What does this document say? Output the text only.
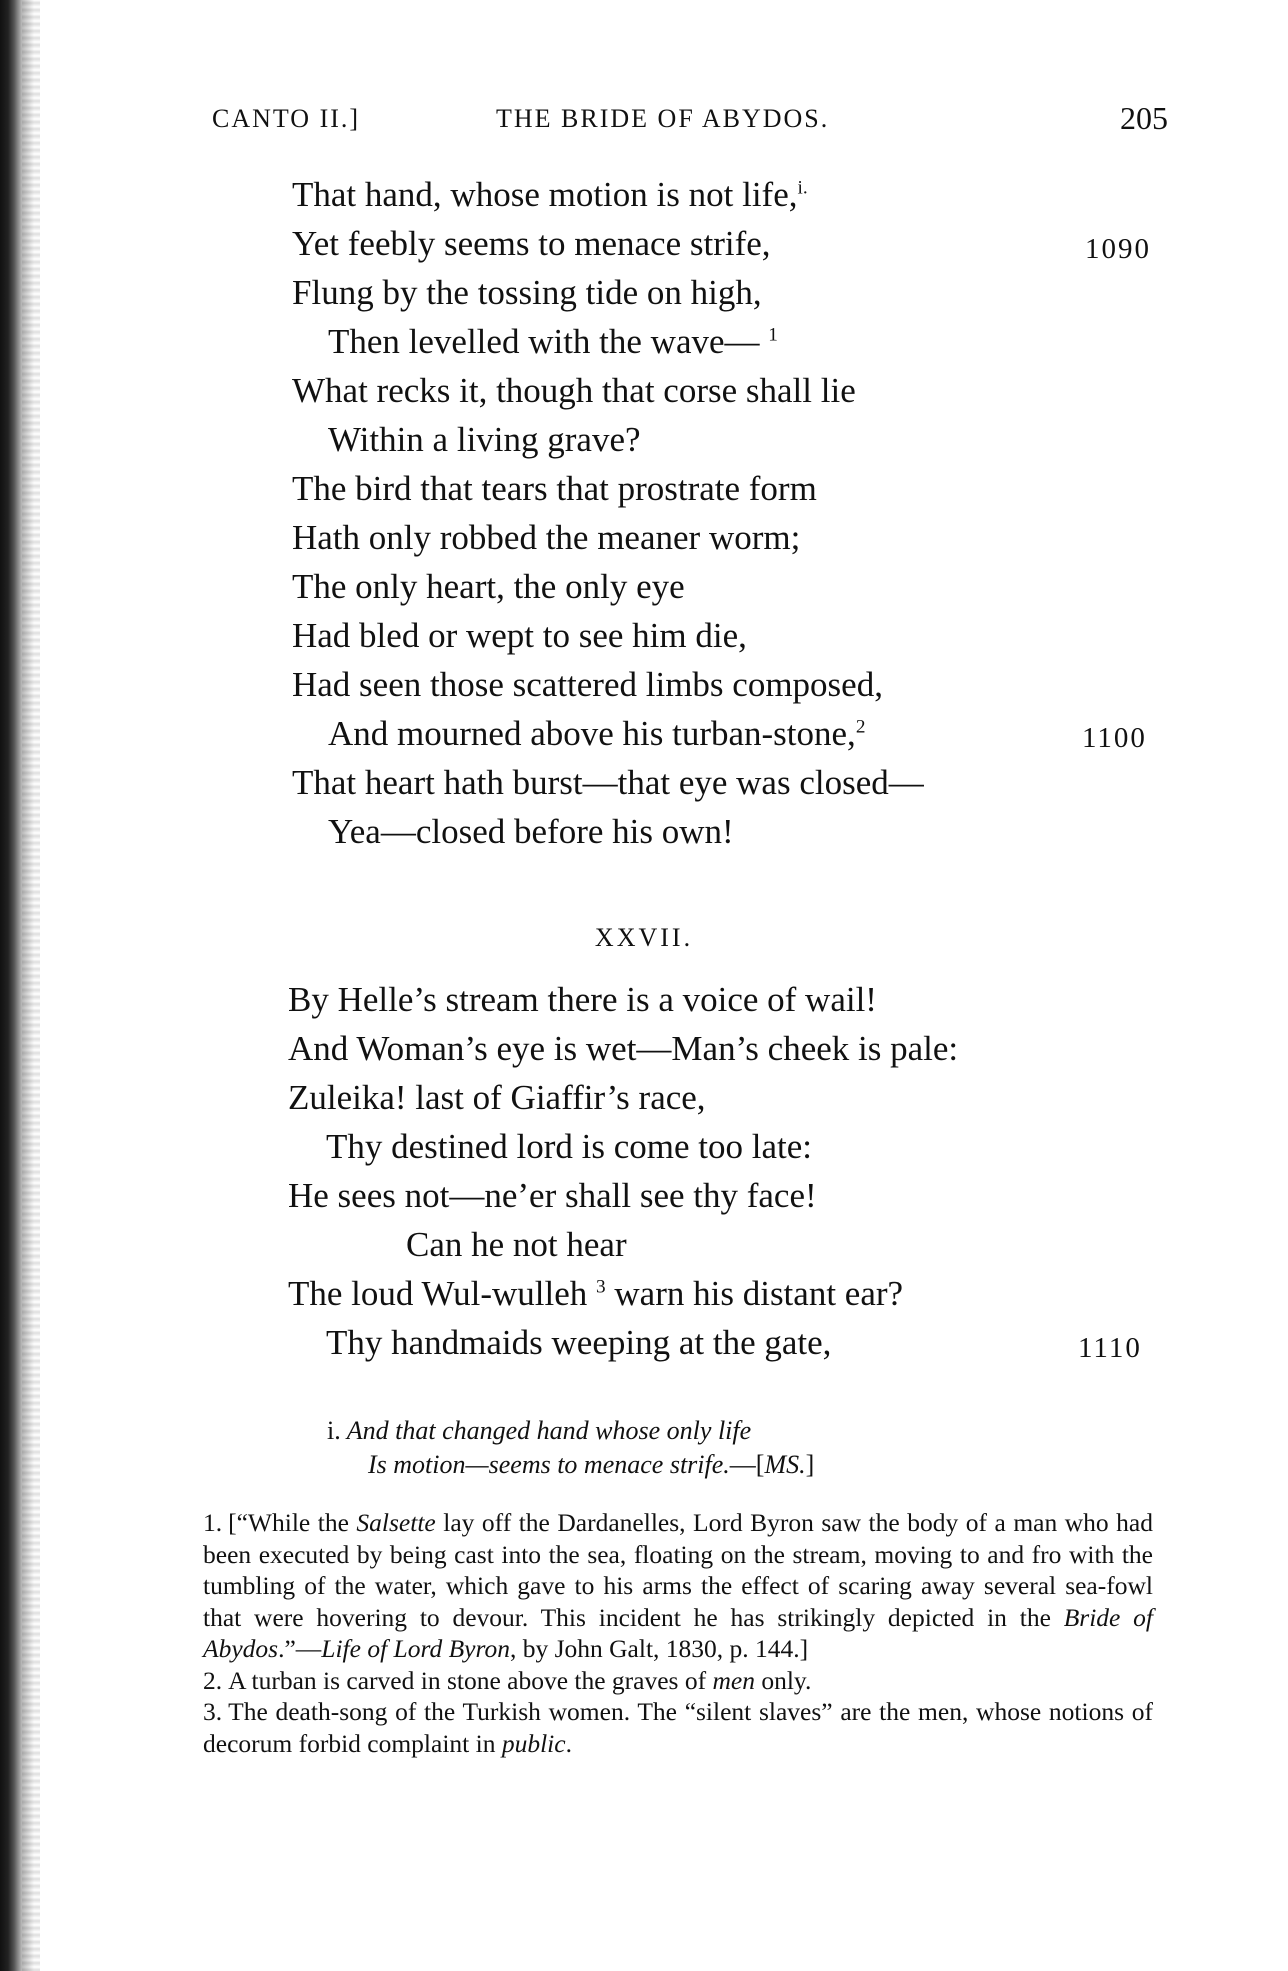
CANTO II.]	THE BRIDE OF ABYDOS.	205
That hand, whose motion is not life,$^{i.}$
Yet feebly seems to menace strife,
Flung by the tossing tide on high,
Then levelled with the wave— $^1$
What recks it, though that corse shall lie
Within a living grave?
The bird that tears that prostrate form
Hath only robbed the meaner worm;
The only heart, the only eye
Had bled or wept to see him die,
Had seen those scattered limbs composed,
And mourned above his turban-stone,$^2$
That heart hath burst—that eye was closed—
Yea—closed before his own!
1090
1100
XXVII.
By Helle’s stream there is a voice of wail!
And Woman’s eye is wet—Man’s cheek is pale:
Zuleika! last of Giaffir’s race,
Thy destined lord is come too late:
He sees not—ne’er shall see thy face!
Can he not hear
The loud Wul-wulleh $^3$ warn his distant ear?
Thy handmaids weeping at the gate,	1110
i. And that changed hand whose only life
Is motion—seems to menace strife.—[MS.]

1. [“While the Salsette lay off the Dardanelles, Lord Byron saw the body of a man who had been executed by being cast into the sea, floating on the stream, moving to and fro with the tumbling of the water, which gave to his arms the effect of scaring away several sea-fowl that were hovering to devour. This incident he has strikingly depicted in the Bride of Abydos.”—Life of Lord Byron, by John Galt, 1830, p. 144.]

2. A turban is carved in stone above the graves of men only.

3. The death-song of the Turkish women. The “silent slaves” are the men, whose notions of decorum forbid complaint in public.
